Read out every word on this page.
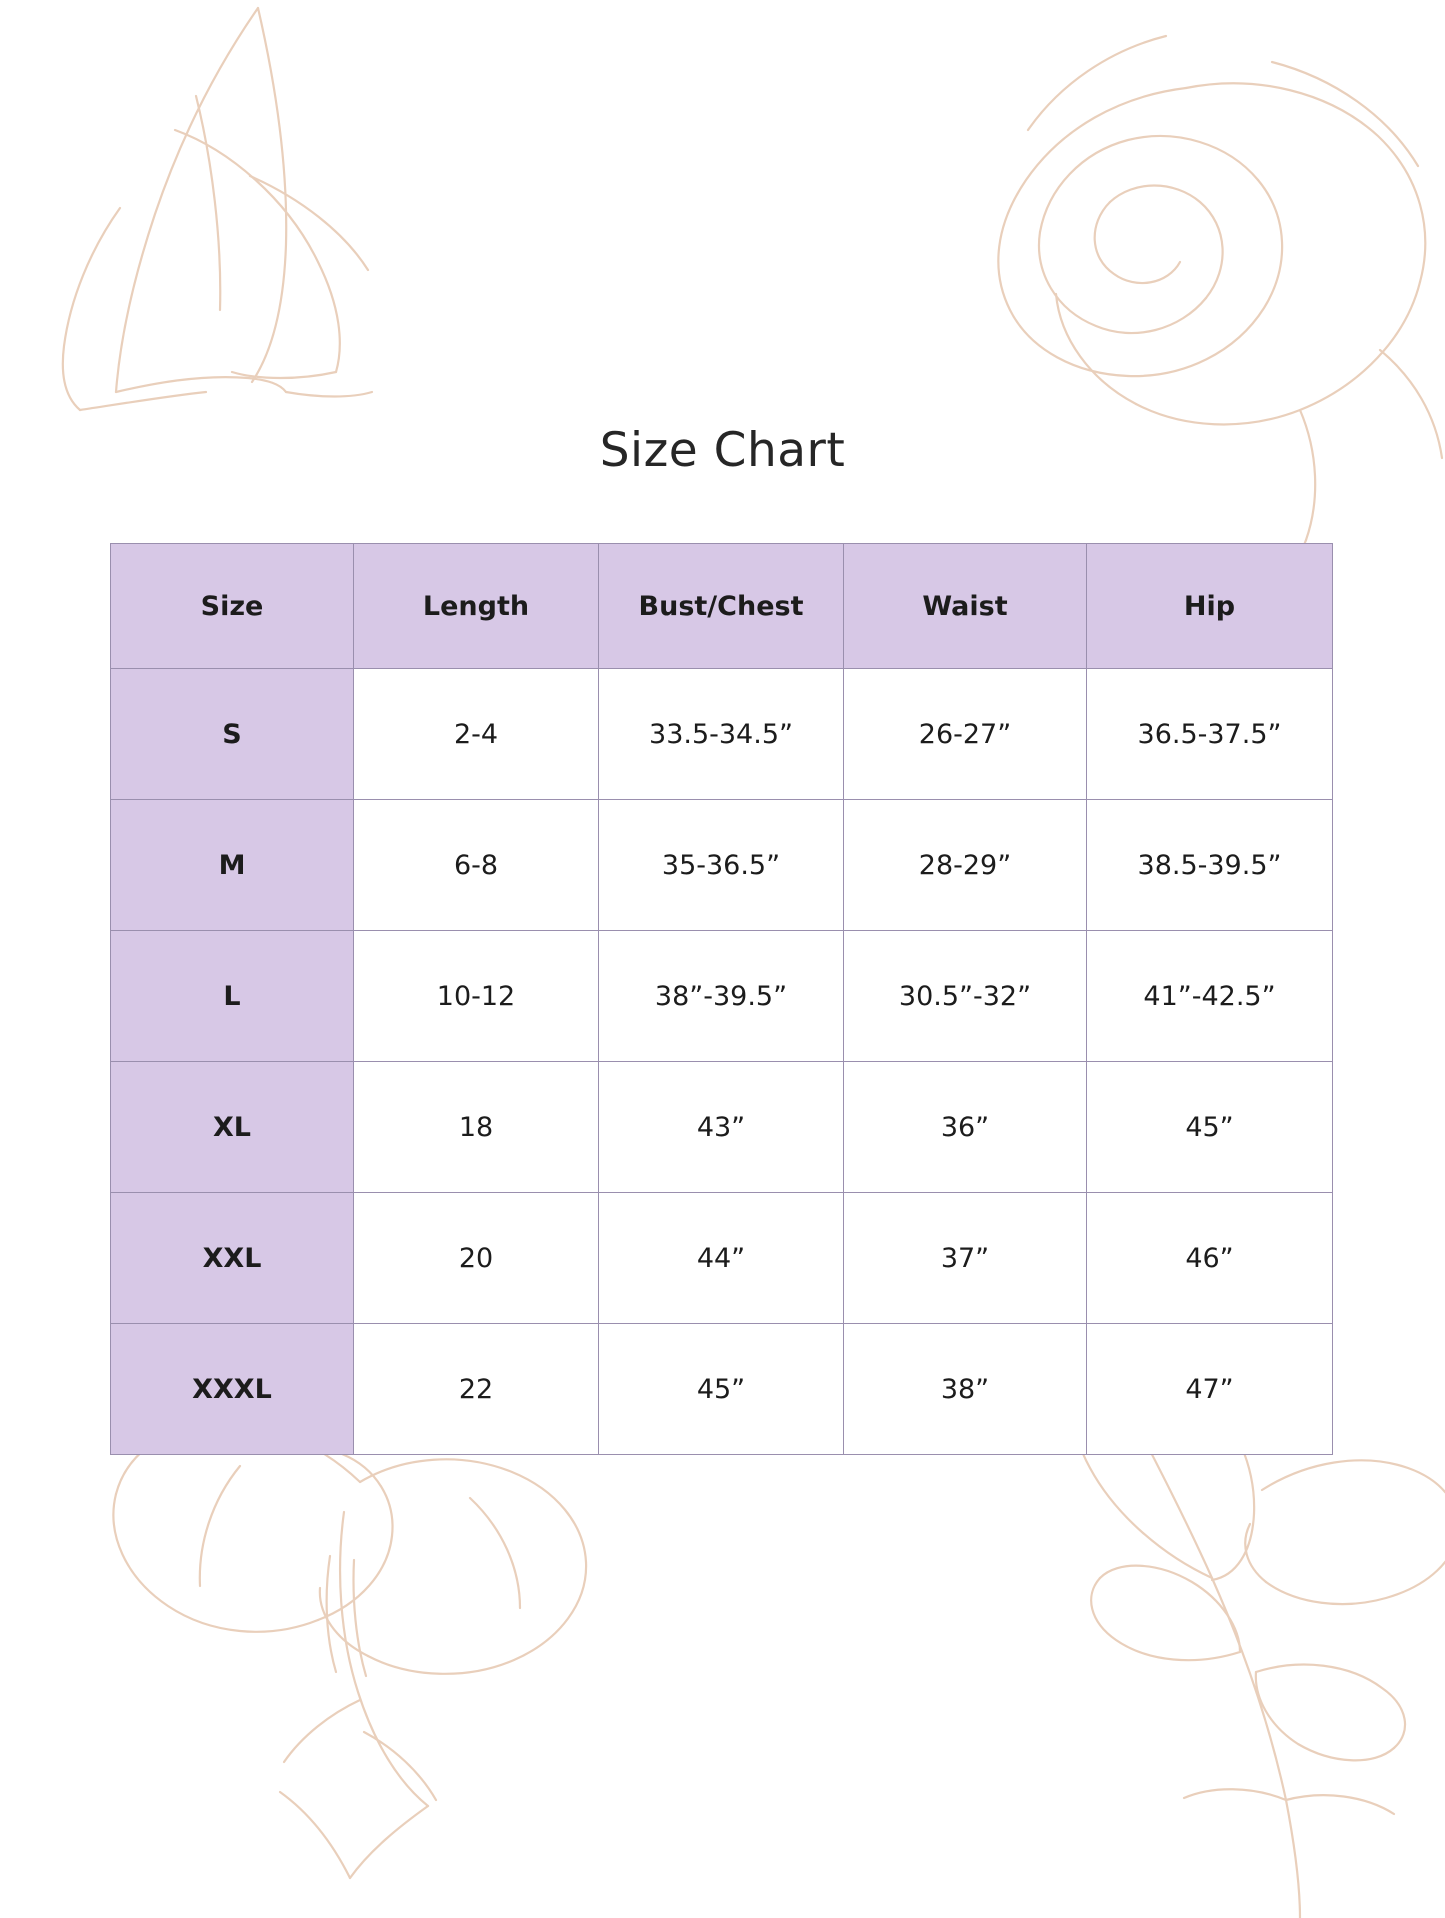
Size Chart
Size	Length	Bust/Chest	Waist	Hip
S	2-4	33.5-34.5”	26-27”	36.5-37.5”
M	6-8	35-36.5”	28-29”	38.5-39.5”
L	10-12	38”-39.5”	30.5”-32”	41”-42.5”
XL	18	43”	36”	45”
XXL	20	44”	37”	46”
XXXL	22	45”	38”	47”
